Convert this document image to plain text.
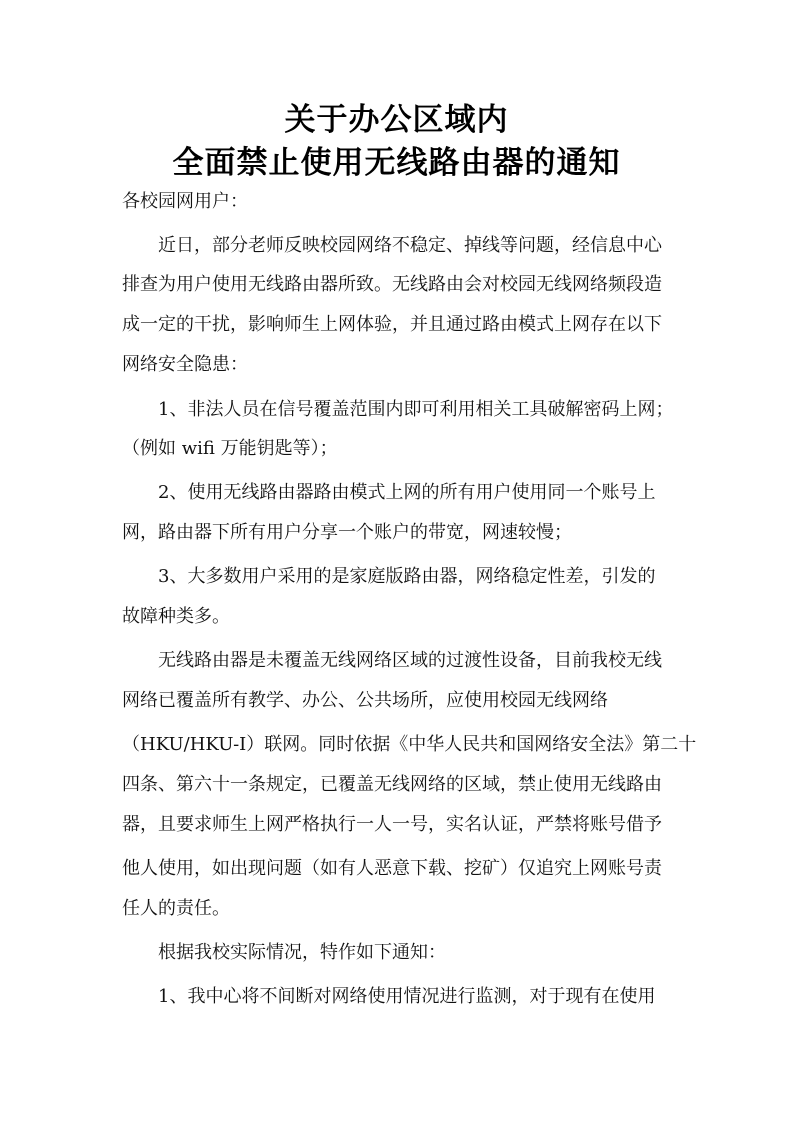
关于办公区域内
全面禁止使用无线路由器的通知

各校园网用户：

　　近日，部分老师反映校园网络不稳定、掉线等问题，经信息中心

排查为用户使用无线路由器所致。无线路由会对校园无线网络频段造

成一定的干扰，影响师生上网体验，并且通过路由模式上网存在以下

网络安全隐患：

　　1、非法人员在信号覆盖范围内即可利用相关工具破解密码上网；

（例如 wifi 万能钥匙等）；

　　2、使用无线路由器路由模式上网的所有用户使用同一个账号上

网，路由器下所有用户分享一个账户的带宽，网速较慢；

　　3、大多数用户采用的是家庭版路由器，网络稳定性差，引发的

故障种类多。

　　无线路由器是未覆盖无线网络区域的过渡性设备，目前我校无线

网络已覆盖所有教学、办公、公共场所，应使用校园无线网络

（HKU/HKU-I）联网。同时依据《中华人民共和国网络安全法》第二十

四条、第六十一条规定，已覆盖无线网络的区域，禁止使用无线路由

器，且要求师生上网严格执行一人一号，实名认证，严禁将账号借予

他人使用，如出现问题（如有人恶意下载、挖矿）仅追究上网账号责

任人的责任。

　　根据我校实际情况，特作如下通知：

　　1、我中心将不间断对网络使用情况进行监测，对于现有在使用
